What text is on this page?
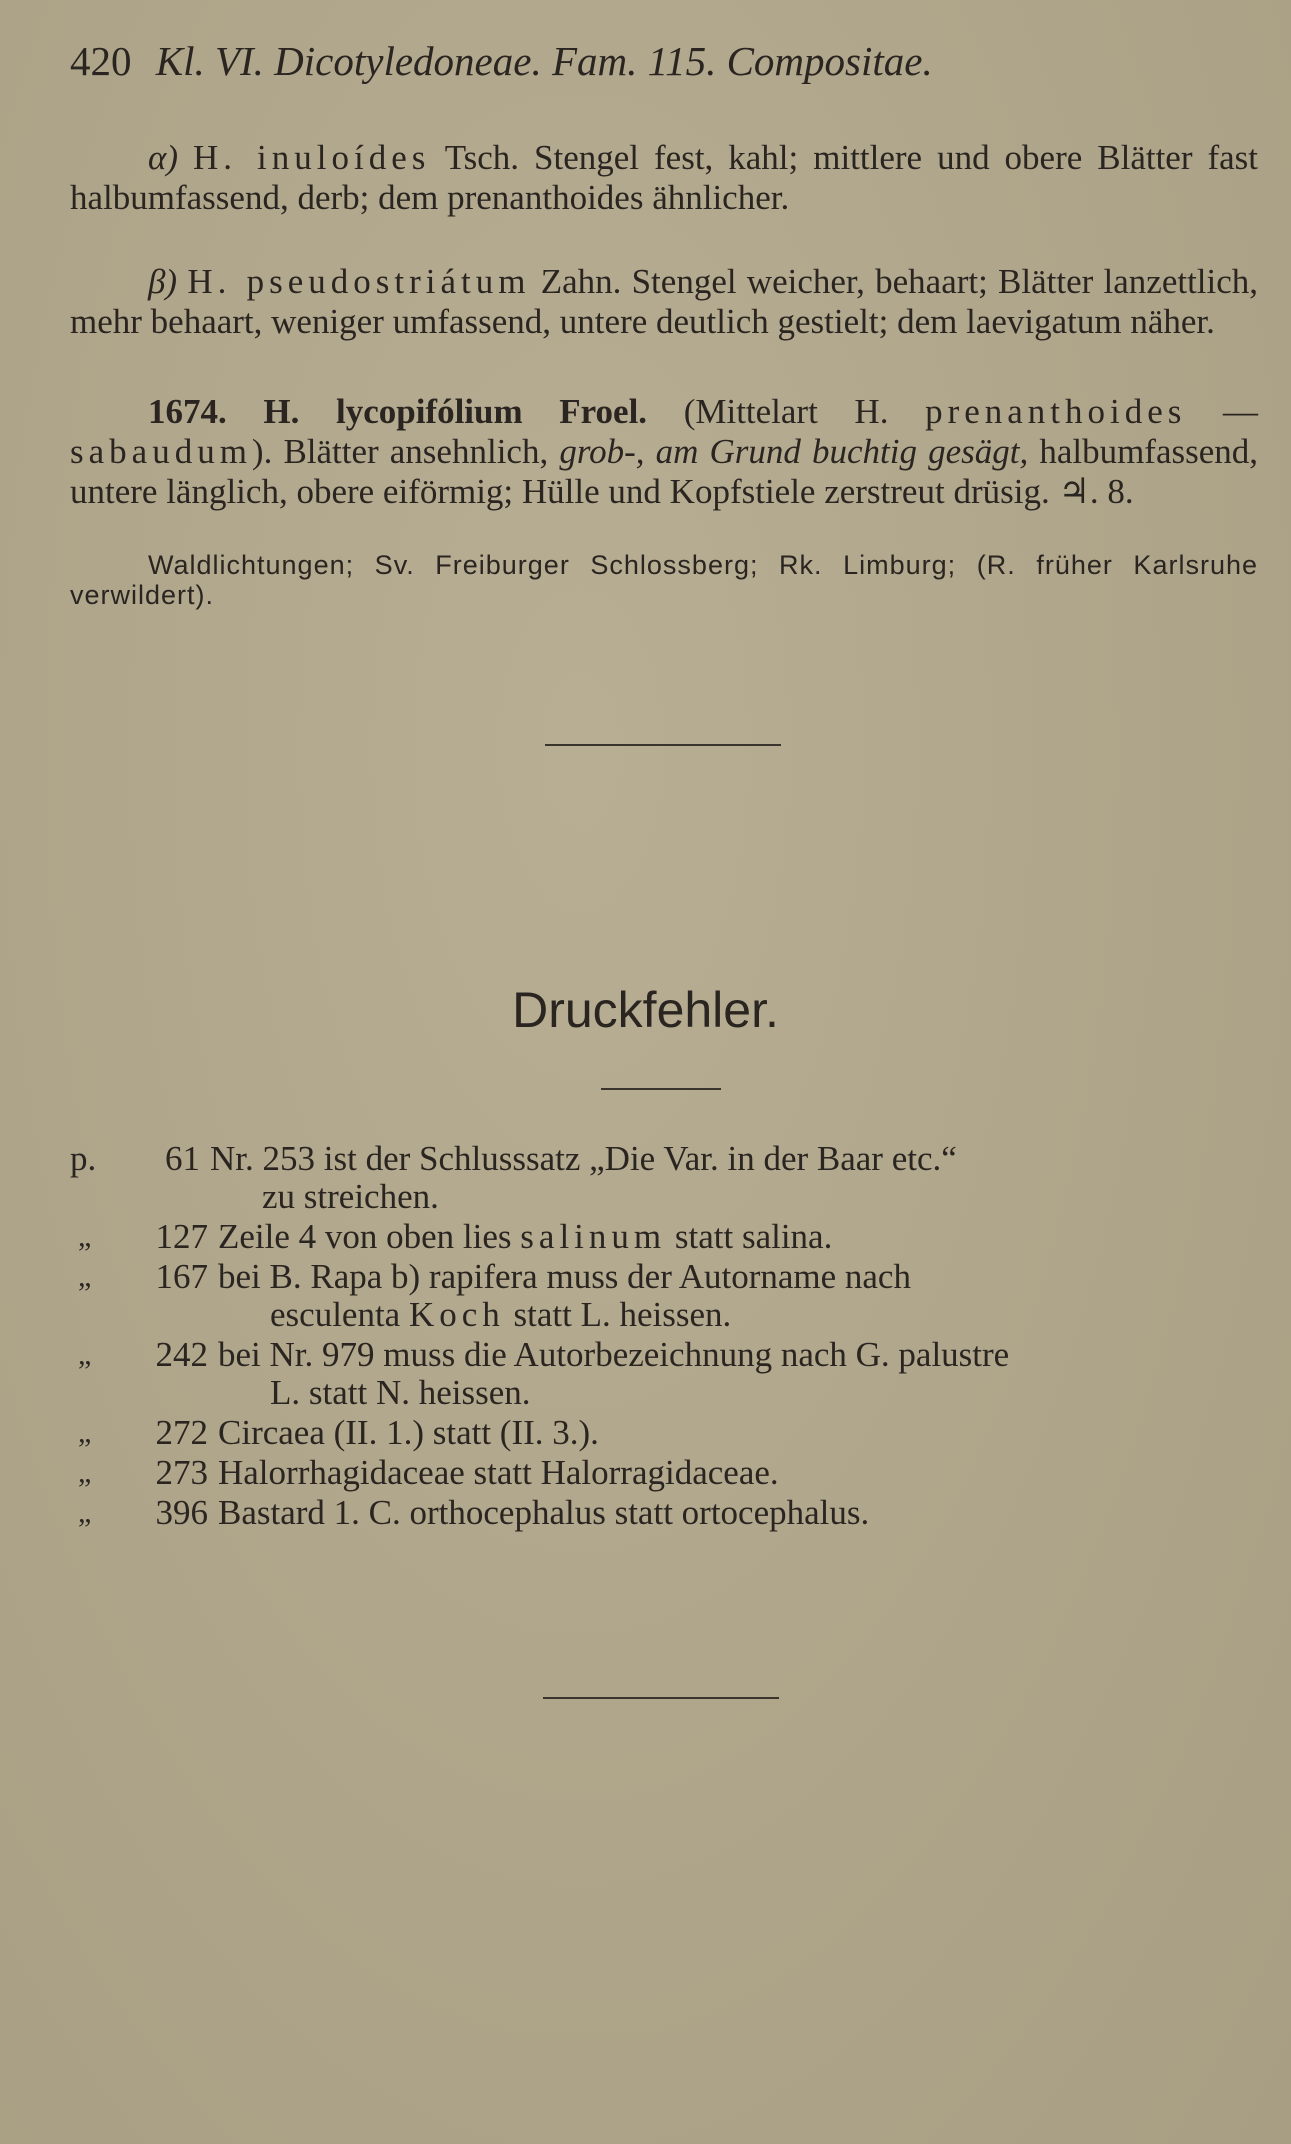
420 Kl. VI. Dicotyledoneae. Fam. 115. Compositae.
α) H. inuloídes Tsch. Stengel fest, kahl; mittlere und obere Blätter fast halbumfassend, derb; dem prenanthoides ähnlicher.
β) H. pseudostriátum Zahn. Stengel weicher, behaart; Blätter lanzettlich, mehr behaart, weniger umfassend, untere deutlich gestielt; dem laevigatum näher.
1674. H. lycopifólium Froel. (Mittelart H. prenanthoides — sabaudum). Blätter ansehnlich, grob-, am Grund buchtig gesägt, halbumfassend, untere länglich, obere eiförmig; Hülle und Kopfstiele zerstreut drüsig. ♃. 8.
Waldlichtungen; Sv. Freiburger Schlossberg; Rk. Limburg; (R. früher Karlsruhe verwildert).
Druckfehler.
p.	61 Nr. 253 ist der Schlusssatz „Die Var. in der Baar etc.“
zu streichen.
„	127 Zeile 4 von oben lies salinum statt salina.
„	167 bei B. Rapa b) rapifera muss der Autorname nach
esculenta Koch statt L. heissen.
„	242 bei Nr. 979 muss die Autorbezeichnung nach G. palustre
L. statt N. heissen.
„	272 Circaea (II. 1.) statt (II. 3.).
„	273 Halorrhagidaceae statt Halorragidaceae.
„	396 Bastard 1. C. orthocephalus statt ortocephalus.
